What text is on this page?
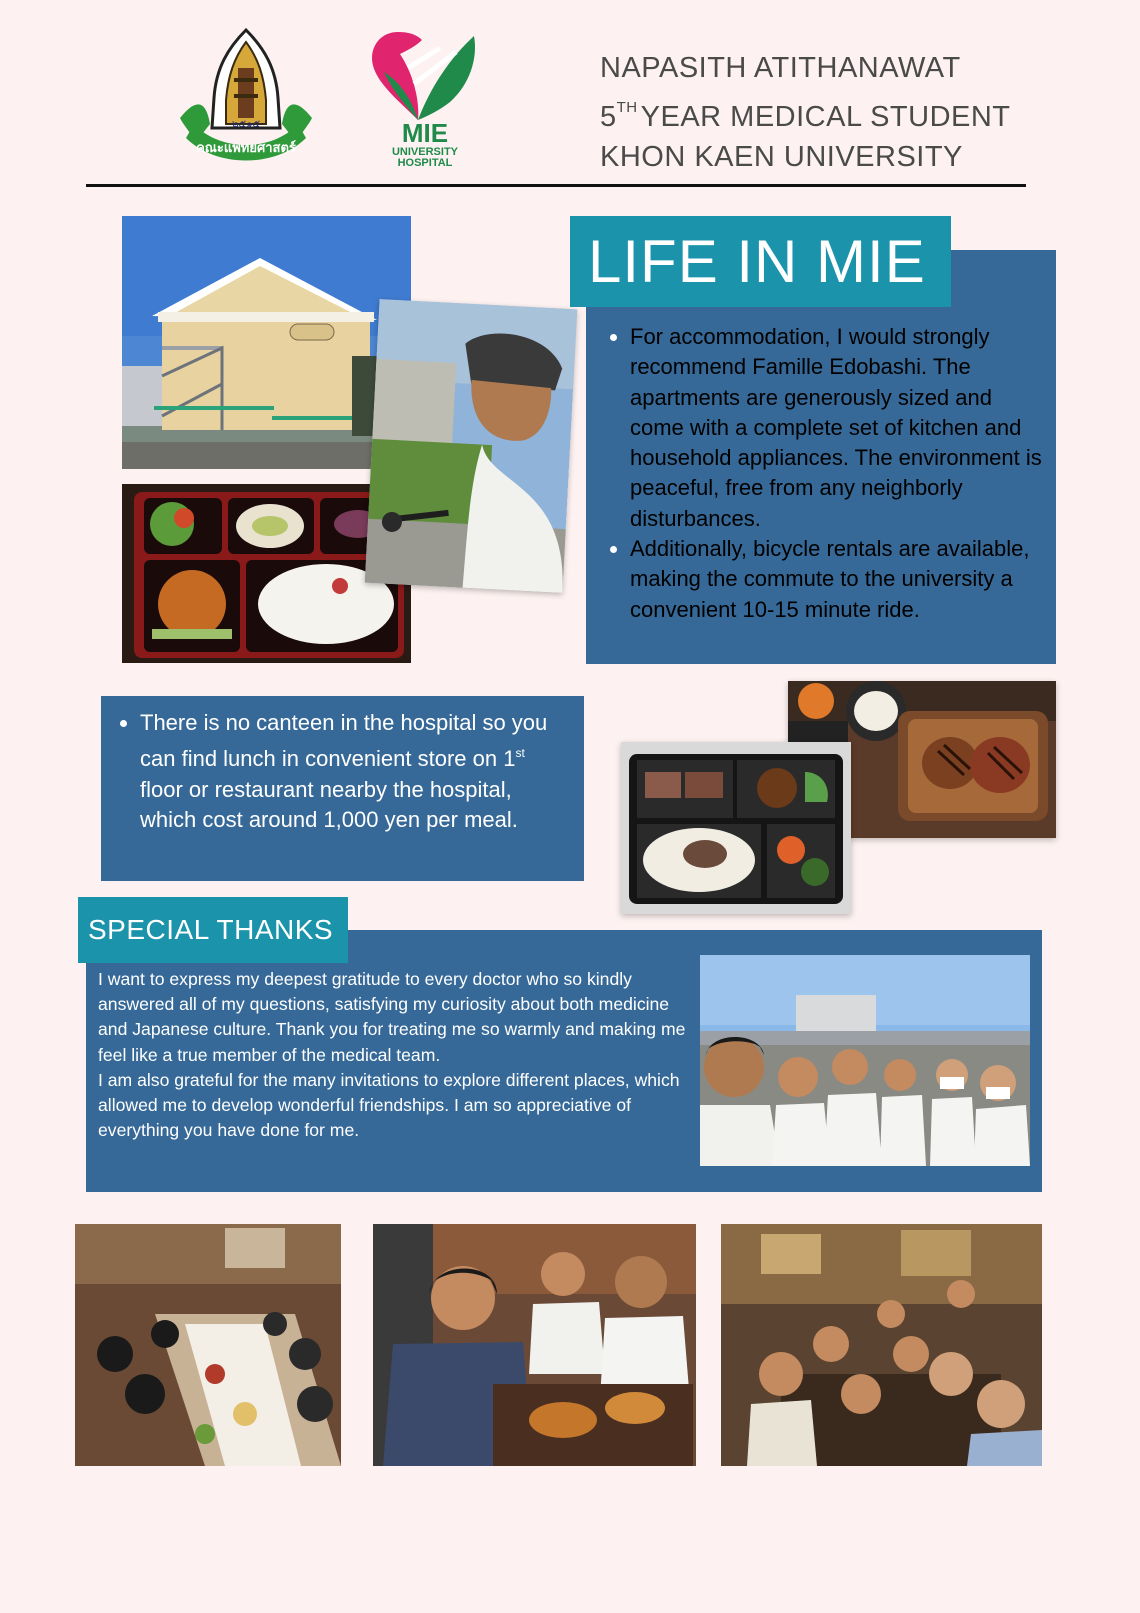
๒๕๑๕
คณะแพทยศาสตร์
MIE
UNIVERSITY
HOSPITAL
NAPASITH ATITHANAWAT
5TH YEAR MEDICAL STUDENT
KHON KAEN UNIVERSITY
LIFE IN MIE
For accommodation, I would strongly recommend Famille Edobashi. The apartments are generously sized and come with a complete set of kitchen and household appliances. The environment is peaceful, free from any neighborly disturbances.
Additionally, bicycle rentals are available, making the commute to the university a convenient 10-15 minute ride.
There is no canteen in the hospital so you can find lunch in convenient store on 1st floor or restaurant nearby the hospital, which cost around 1,000 yen per meal.
SPECIAL THANKS

I want to express my deepest gratitude to every doctor who so kindly answered all of my questions, satisfying my curiosity about both medicine and Japanese culture. Thank you for treating me so warmly and making me feel like a true member of the medical team.

I am also grateful for the many invitations to explore different places, which allowed me to develop wonderful friendships. I am so appreciative of everything you have done for me.
